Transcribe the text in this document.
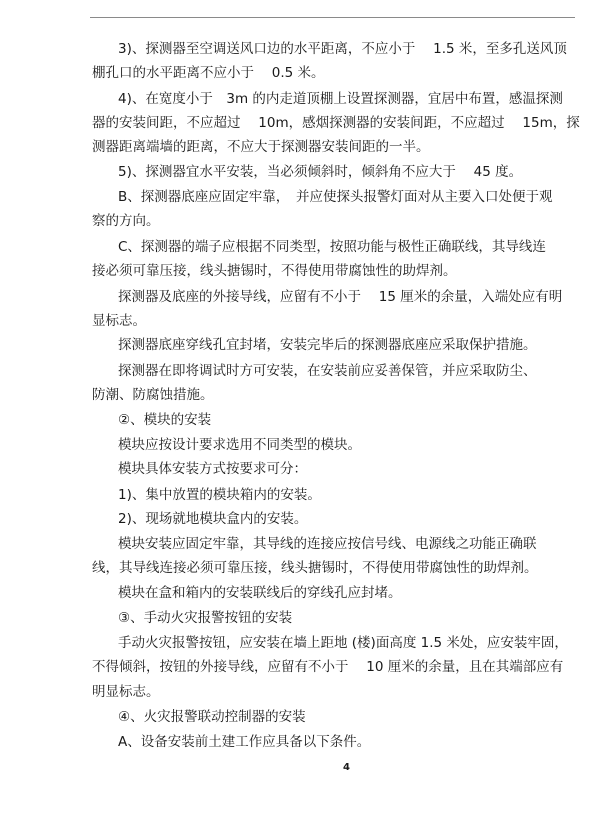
3)、探测器至空调送风口边的水平距离，不应小于　 1.5 米，至多孔送风顶
棚孔口的水平距离不应小于　 0.5 米。
4)、在宽度小于　3m 的内走道顶棚上设置探测器，宜居中布置，感温探测
器的安装间距，不应超过　 10m，感烟探测器的安装间距，不应超过　 15m，探
测器距离端墙的距离，不应大于探测器安装间距的一半。
5)、探测器宜水平安装，当必须倾斜时，倾斜角不应大于　 45 度。
B、探测器底座应固定牢靠，　并应使探头报警灯面对从主要入口处便于观
察的方向。
C、探测器的端子应根据不同类型，按照功能与极性正确联线，其导线连
接必须可靠压接，线头搪锡时，不得使用带腐蚀性的助焊剂。
探测器及底座的外接导线，应留有不小于　 15 厘米的余量，入端处应有明
显标志。
探测器底座穿线孔宜封堵，安装完毕后的探测器底座应采取保护措施。
探测器在即将调试时方可安装，在安装前应妥善保管，并应采取防尘、
防潮、防腐蚀措施。
②、模块的安装
模块应按设计要求选用不同类型的模块。
模块具体安装方式按要求可分：
1)、集中放置的模块箱内的安装。
2)、现场就地模块盒内的安装。
模块安装应固定牢靠，其导线的连接应按信号线、电源线之功能正确联
线，其导线连接必须可靠压接，线头搪锡时，不得使用带腐蚀性的助焊剂。
模块在盒和箱内的安装联线后的穿线孔应封堵。
③、手动火灾报警按钮的安装
手动火灾报警按钮，应安装在墙上距地 (楼)面高度 1.5 米处，应安装牢固，
不得倾斜，按钮的外接导线，应留有不小于　 10 厘米的余量，且在其端部应有
明显标志。
④、火灾报警联动控制器的安装
A、设备安装前土建工作应具备以下条件。
4
